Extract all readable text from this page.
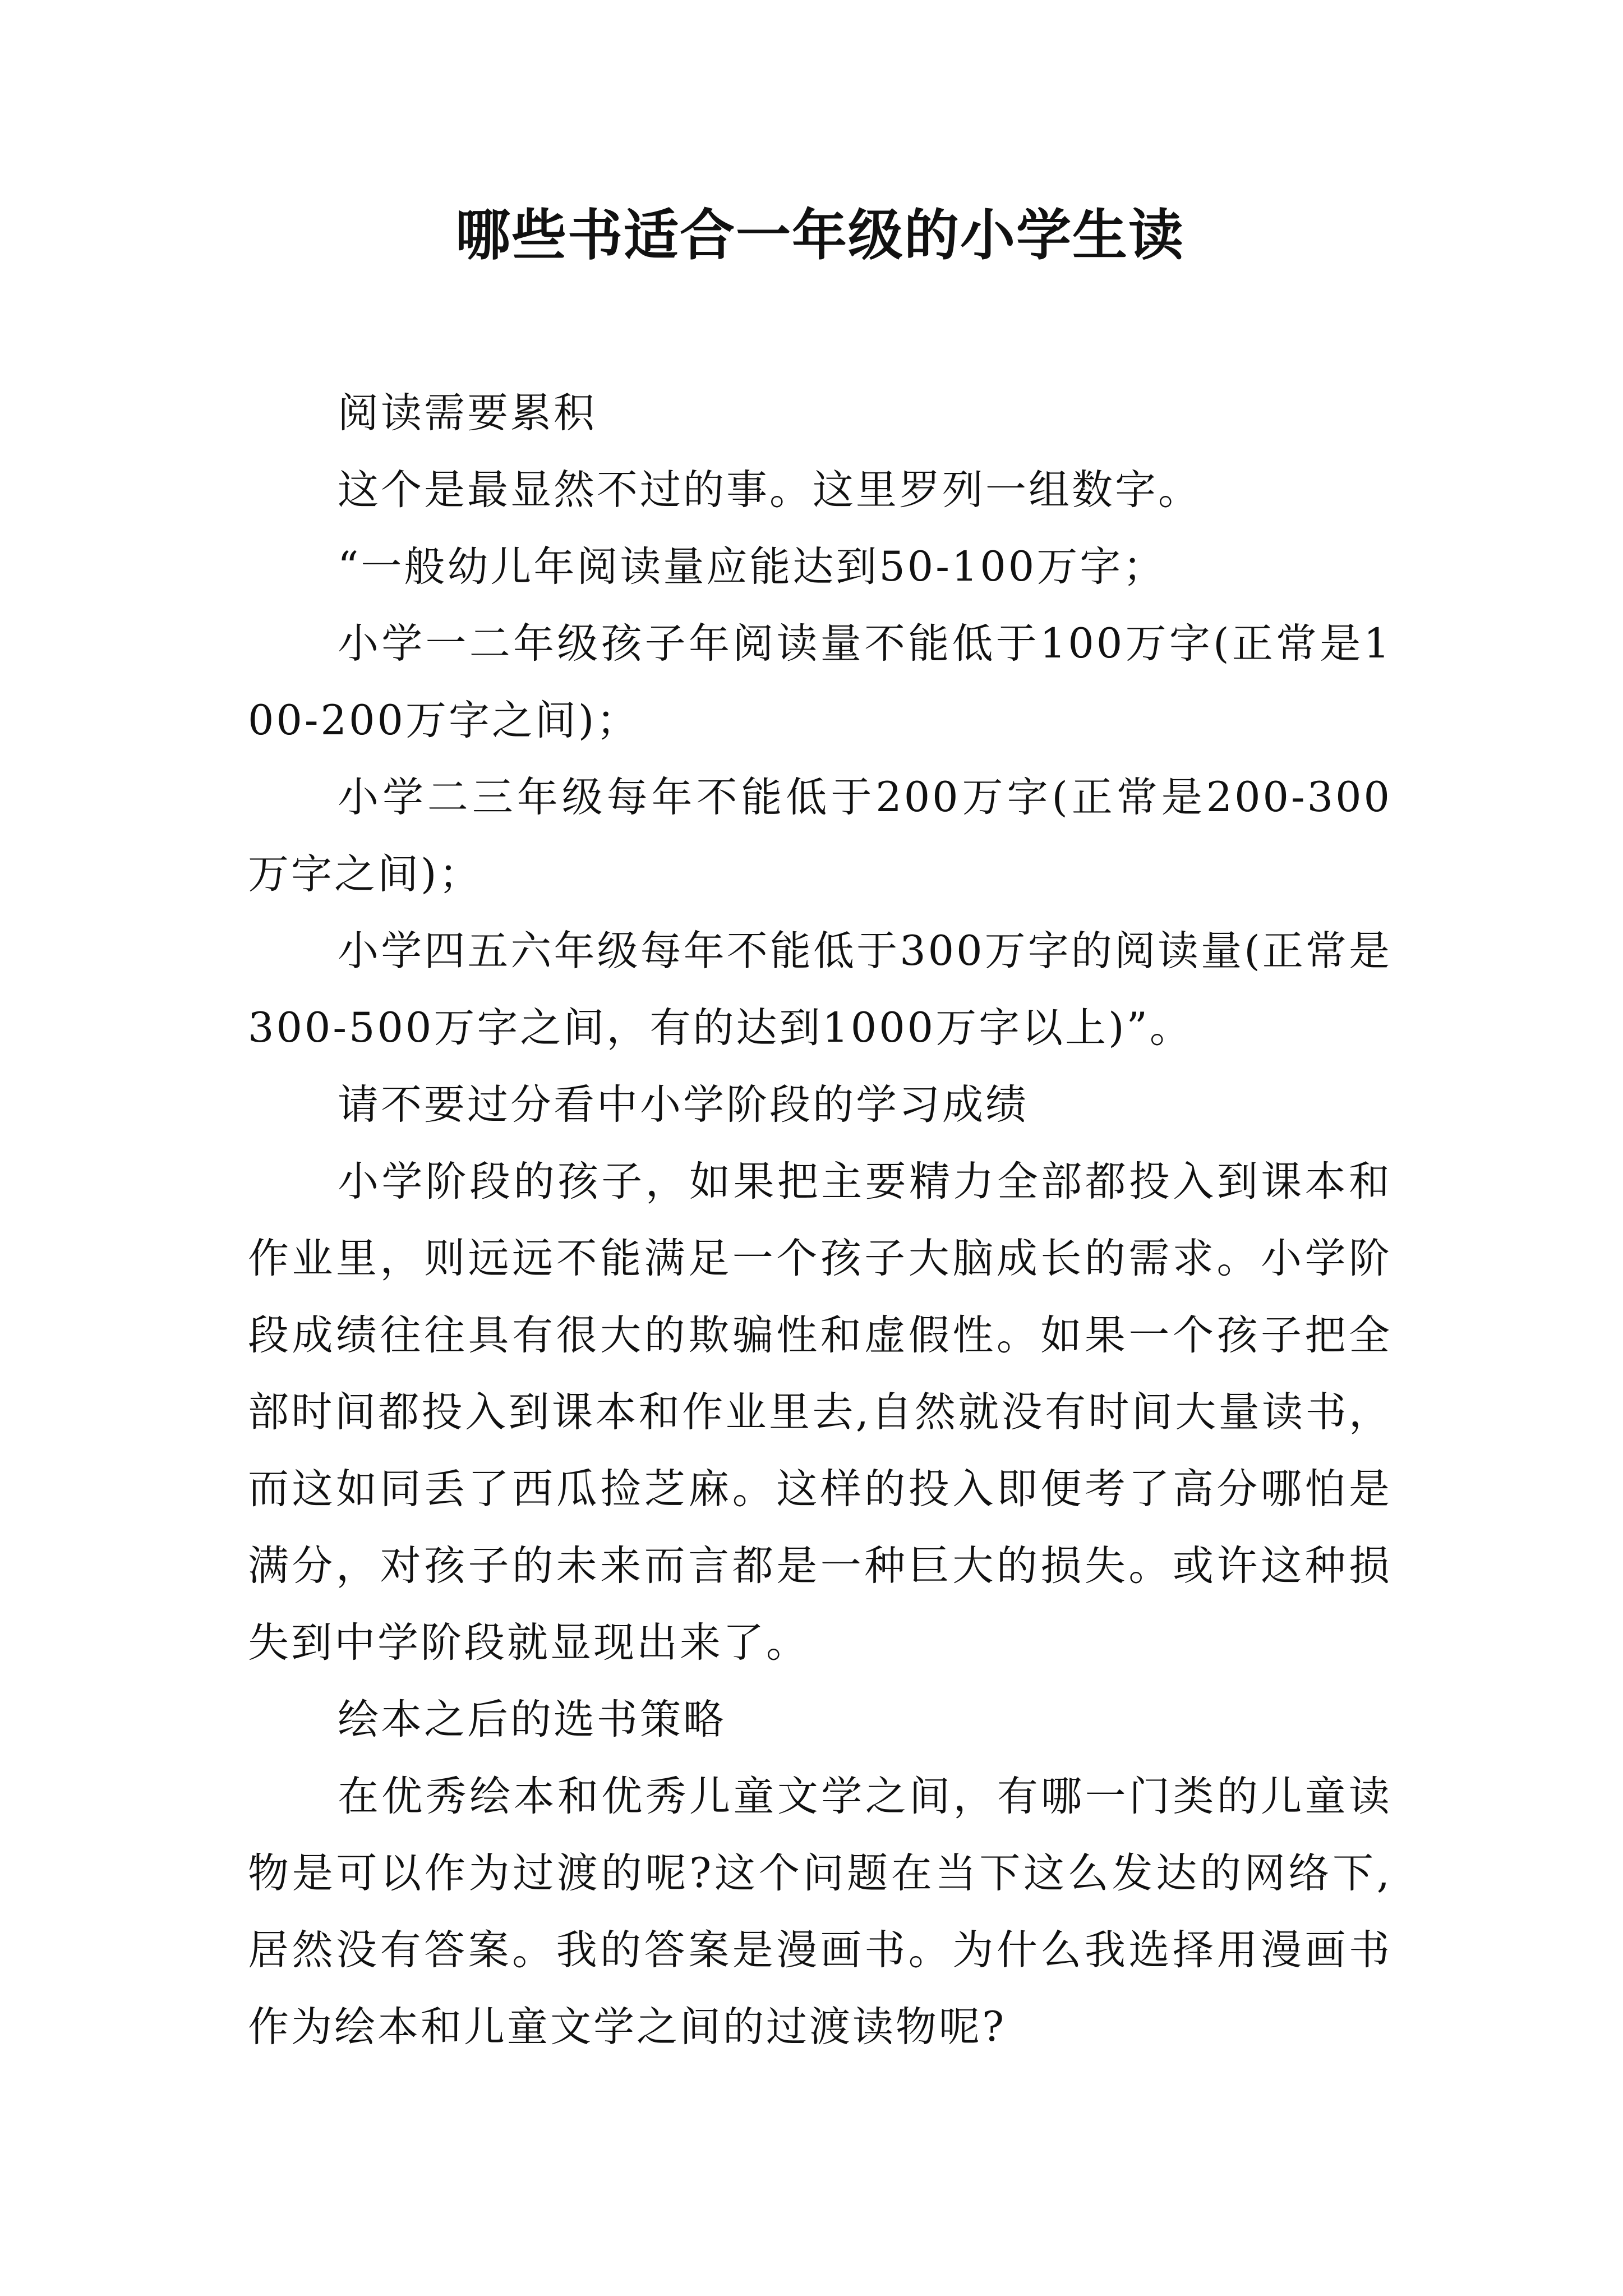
哪些书适合一年级的小学生读

阅读需要累积

这个是最显然不过的事。这里罗列一组数字。

“一般幼儿年阅读量应能达到50-100万字；

小学一二年级孩子年阅读量不能低于100万字(正常是100-200万字之间)；

小学二三年级每年不能低于200万字(正常是200-300万字之间)；

小学四五六年级每年不能低于300万字的阅读量(正常是300-500万字之间，有的达到1000万字以上)”。

请不要过分看中小学阶段的学习成绩

小学阶段的孩子，如果把主要精力全部都投入到课本和作业里，则远远不能满足一个孩子大脑成长的需求。小学阶段成绩往往具有很大的欺骗性和虚假性。如果一个孩子把全部时间都投入到课本和作业里去,自然就没有时间大量读书，而这如同丢了西瓜捡芝麻。这样的投入即便考了高分哪怕是满分，对孩子的未来而言都是一种巨大的损失。或许这种损失到中学阶段就显现出来了。

绘本之后的选书策略

在优秀绘本和优秀儿童文学之间，有哪一门类的儿童读物是可以作为过渡的呢?这个问题在当下这么发达的网络下,居然没有答案。我的答案是漫画书。为什么我选择用漫画书作为绘本和儿童文学之间的过渡读物呢?
